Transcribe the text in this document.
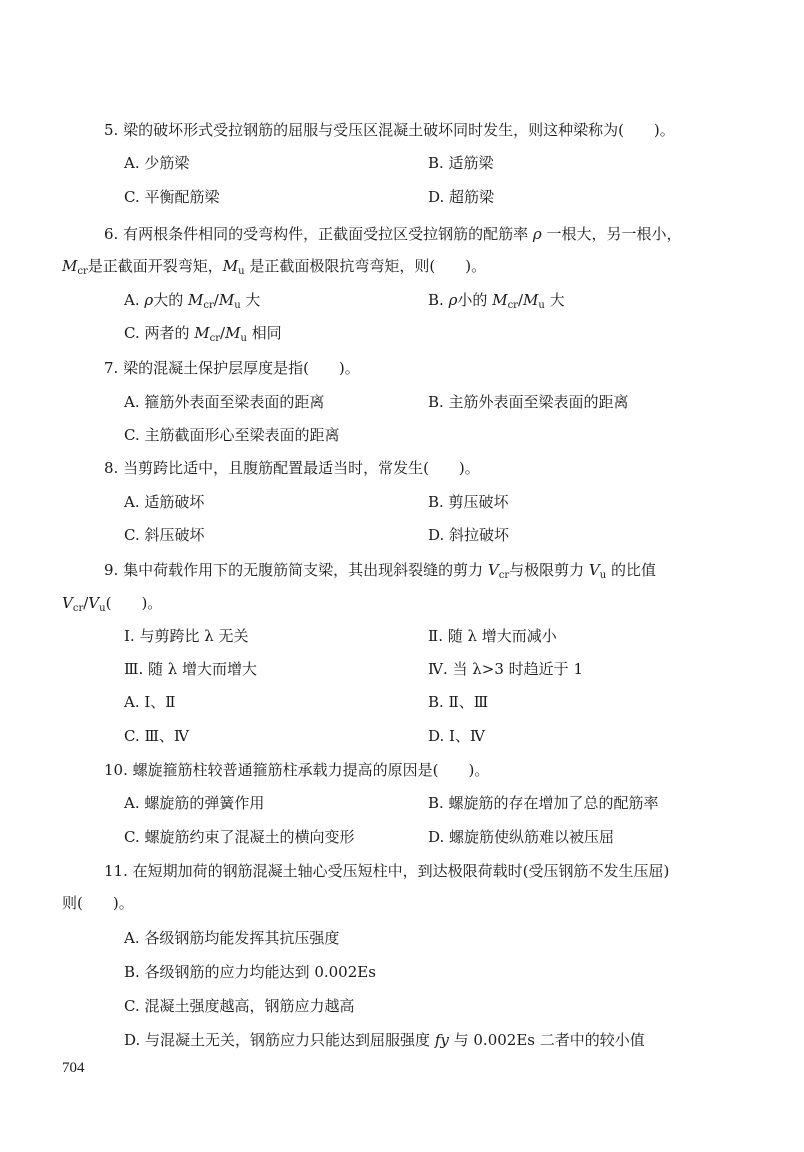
5. 梁的破坏形式受拉钢筋的屈服与受压区混凝土破坏同时发生，则这种梁称为(　　)。
A. 少筋梁	B. 适筋梁
C. 平衡配筋梁	D. 超筋梁
6. 有两根条件相同的受弯构件，正截面受拉区受拉钢筋的配筋率 ρ 一根大，另一根小，
$M_{cr}$是正截面开裂弯矩，$M_u$ 是正截面极限抗弯弯矩，则(　　)。
A. ρ大的 $M_{cr}/M_u$ 大	B. ρ小的 $M_{cr}/M_u$ 大
C. 两者的 $M_{cr}/M_u$ 相同
7. 梁的混凝土保护层厚度是指(　　)。
A. 箍筋外表面至梁表面的距离	B. 主筋外表面至梁表面的距离
C. 主筋截面形心至梁表面的距离
8. 当剪跨比适中，且腹筋配置最适当时，常发生(　　)。
A. 适筋破坏	B. 剪压破坏
C. 斜压破坏	D. 斜拉破坏
9. 集中荷载作用下的无腹筋简支梁，其出现斜裂缝的剪力 $V_{cr}$与极限剪力 $V_u$ 的比值
$V_{cr}/V_u$(　　)。
Ⅰ. 与剪跨比 λ 无关	Ⅱ. 随 λ 增大而减小
Ⅲ. 随 λ 增大而增大	Ⅳ. 当 λ>3 时趋近于 1
A. Ⅰ、Ⅱ	B. Ⅱ、Ⅲ
C. Ⅲ、Ⅳ	D. Ⅰ、Ⅳ
10. 螺旋箍筋柱较普通箍筋柱承载力提高的原因是(　　)。
A. 螺旋筋的弹簧作用	B. 螺旋筋的存在增加了总的配筋率
C. 螺旋筋约束了混凝土的横向变形	D. 螺旋筋使纵筋难以被压屈
11. 在短期加荷的钢筋混凝土轴心受压短柱中，到达极限荷载时(受压钢筋不发生压屈)
则(　　)。
A. 各级钢筋均能发挥其抗压强度
B. 各级钢筋的应力均能达到 0.002Es
C. 混凝土强度越高，钢筋应力越高
D. 与混凝土无关，钢筋应力只能达到屈服强度 fy 与 0.002Es 二者中的较小值
704
